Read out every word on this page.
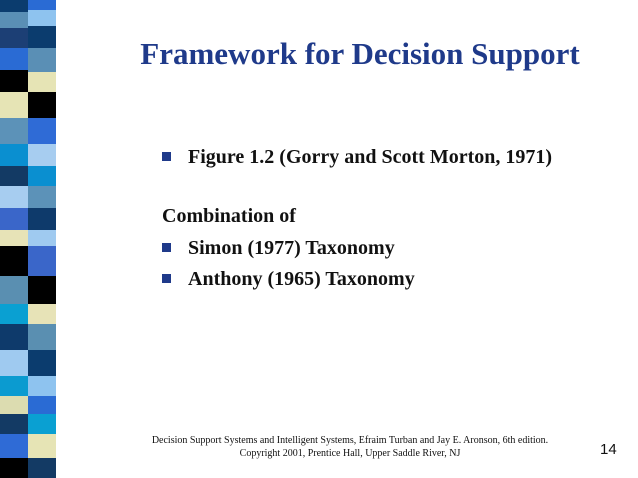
Framework for Decision Support
Figure 1.2 (Gorry and Scott Morton, 1971)
Combination of
Simon (1977) Taxonomy
Anthony (1965) Taxonomy
Decision Support Systems and Intelligent Systems, Efraim Turban and Jay E. Aronson, 6th edition.
Copyright 2001, Prentice Hall, Upper Saddle River, NJ	14
